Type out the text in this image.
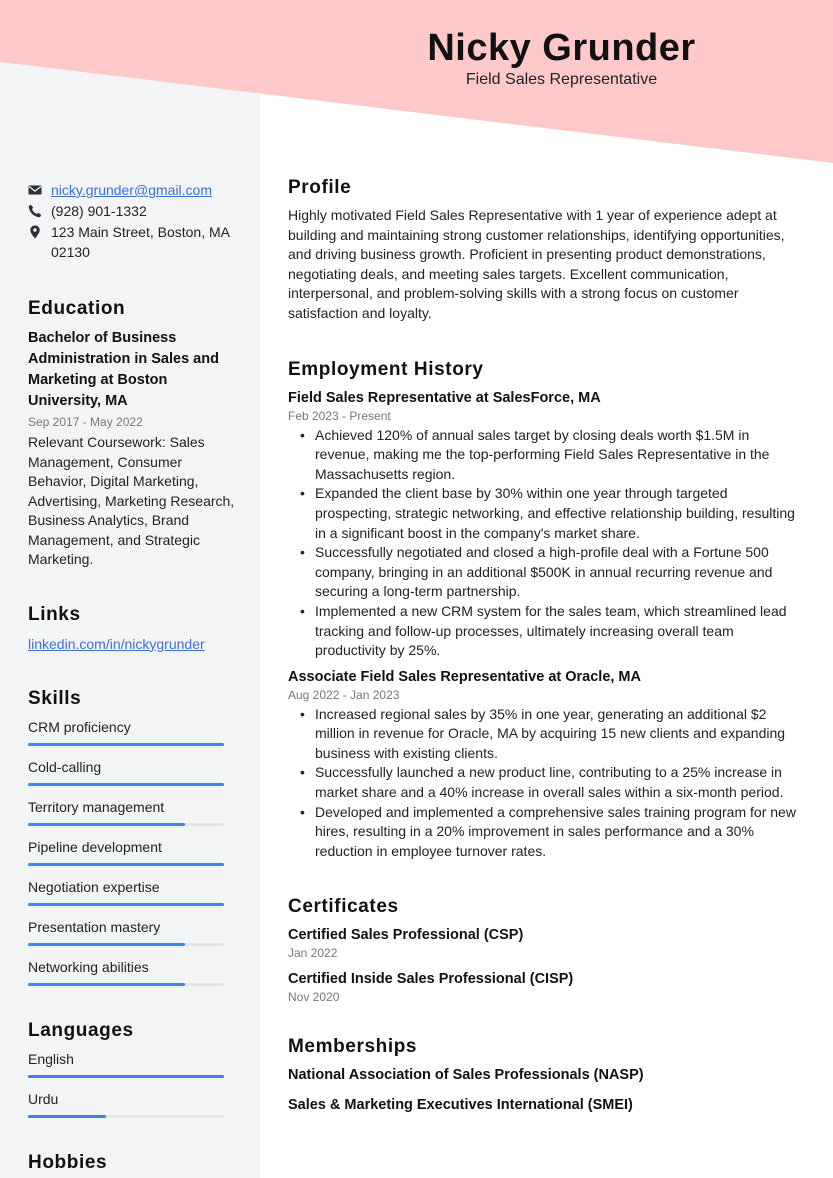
Nicky Grunder
Field Sales Representative
nicky.grunder@gmail.com
(928) 901-1332
123 Main Street, Boston, MA 02130
Education
Bachelor of Business Administration in Sales and Marketing at Boston University, MA
Sep 2017 - May 2022
Relevant Coursework: Sales Management, Consumer Behavior, Digital Marketing, Advertising, Marketing Research, Business Analytics, Brand Management, and Strategic Marketing.
Links
linkedin.com/in/nickygrunder
Skills
CRM proficiency
Cold-calling
Territory management
Pipeline development
Negotiation expertise
Presentation mastery
Networking abilities
Languages
English
Urdu
Hobbies
Profile
Highly motivated Field Sales Representative with 1 year of experience adept at building and maintaining strong customer relationships, identifying opportunities, and driving business growth. Proficient in presenting product demonstrations, negotiating deals, and meeting sales targets. Excellent communication, interpersonal, and problem-solving skills with a strong focus on customer satisfaction and loyalty.
Employment History
Field Sales Representative at SalesForce, MA
Feb 2023 - Present
• Achieved 120% of annual sales target by closing deals worth $1.5M in revenue, making me the top-performing Field Sales Representative in the Massachusetts region.
• Expanded the client base by 30% within one year through targeted prospecting, strategic networking, and effective relationship building, resulting in a significant boost in the company's market share.
• Successfully negotiated and closed a high-profile deal with a Fortune 500 company, bringing in an additional $500K in annual recurring revenue and securing a long-term partnership.
• Implemented a new CRM system for the sales team, which streamlined lead tracking and follow-up processes, ultimately increasing overall team productivity by 25%.
Associate Field Sales Representative at Oracle, MA
Aug 2022 - Jan 2023
• Increased regional sales by 35% in one year, generating an additional $2 million in revenue for Oracle, MA by acquiring 15 new clients and expanding business with existing clients.
• Successfully launched a new product line, contributing to a 25% increase in market share and a 40% increase in overall sales within a six-month period.
• Developed and implemented a comprehensive sales training program for new hires, resulting in a 20% improvement in sales performance and a 30% reduction in employee turnover rates.
Certificates
Certified Sales Professional (CSP)
Jan 2022
Certified Inside Sales Professional (CISP)
Nov 2020
Memberships
National Association of Sales Professionals (NASP)
Sales & Marketing Executives International (SMEI)
